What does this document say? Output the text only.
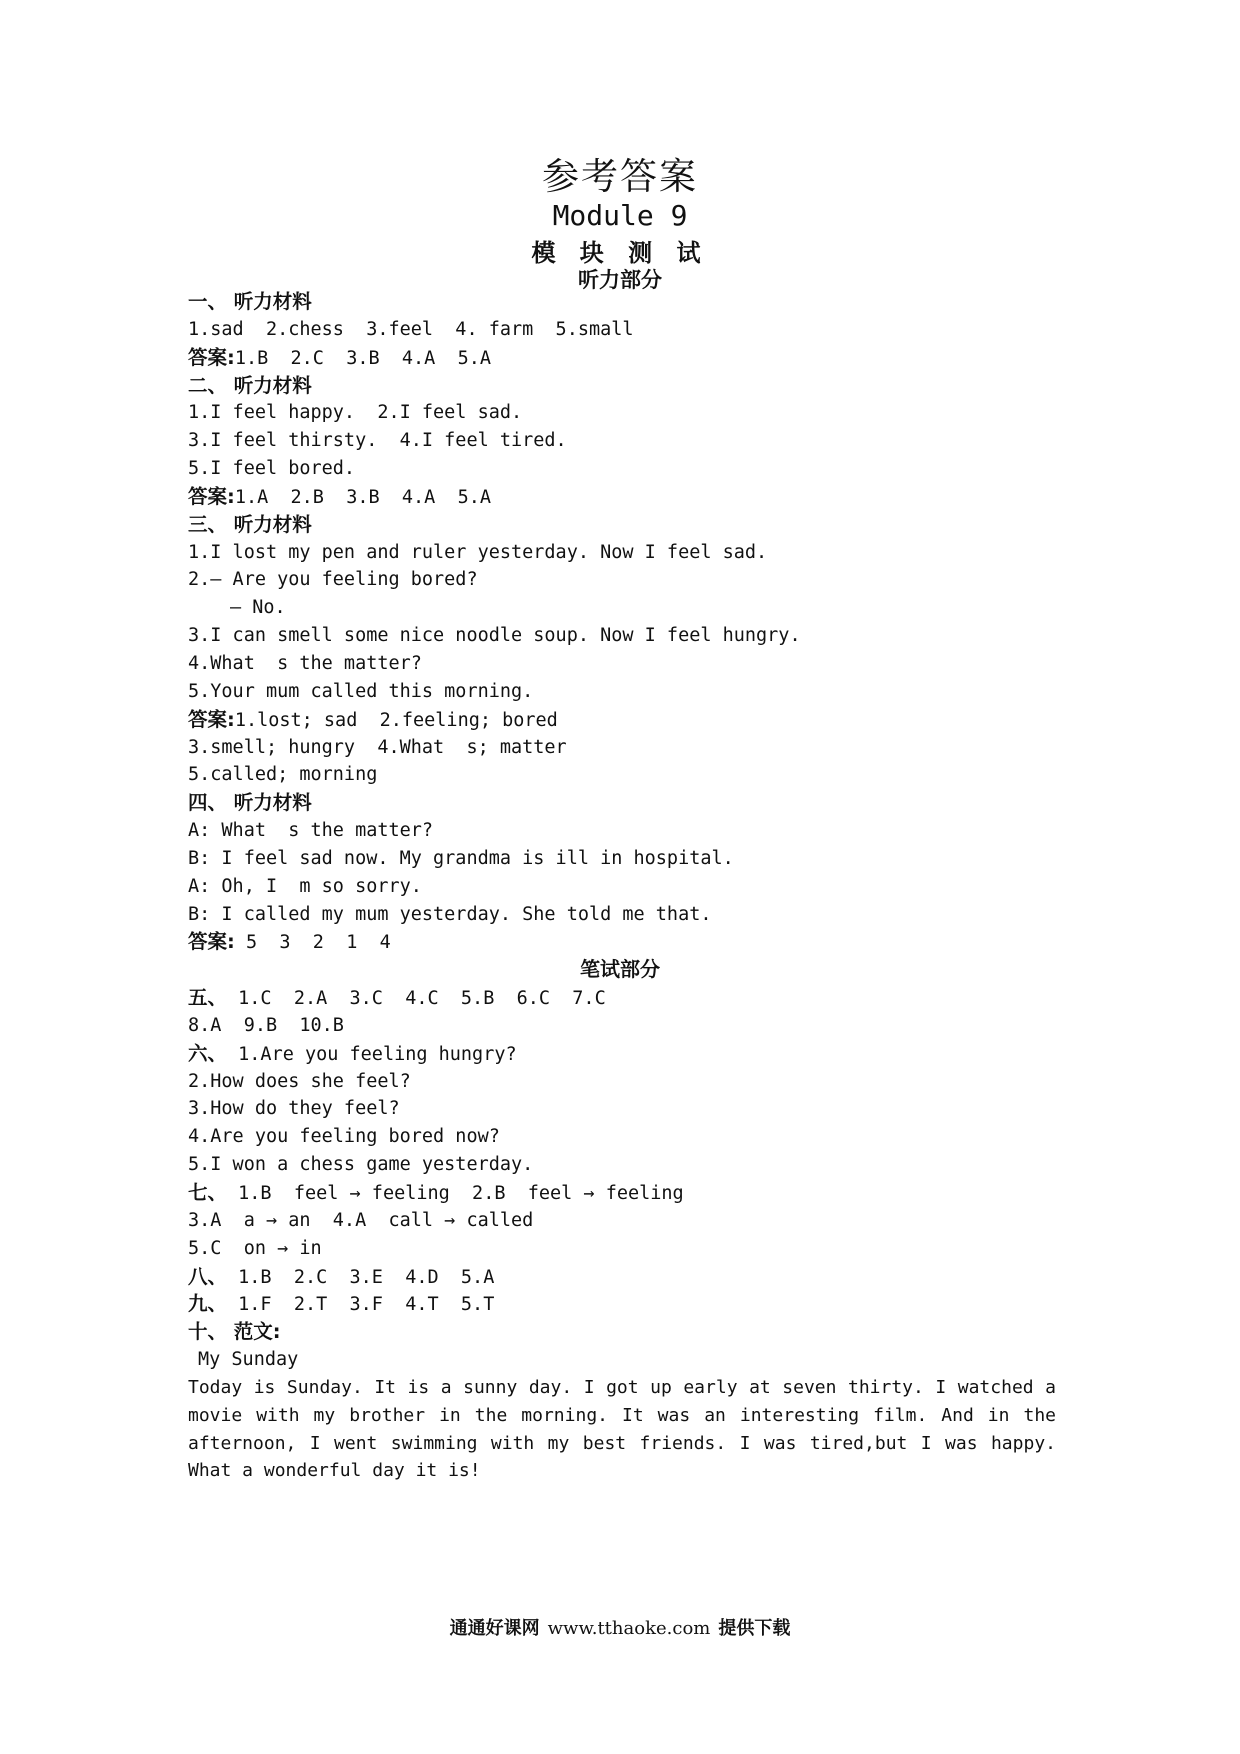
参考答案
Module 9
模 块 测 试
听力部分
一、 听力材料
1.sad  2.chess  3.feel  4. farm  5.small
答案:1.B  2.C  3.B  4.A  5.A
二、 听力材料
1.I feel happy.  2.I feel sad.
3.I feel thirsty.  4.I feel tired.
5.I feel bored.
答案:1.A  2.B  3.B  4.A  5.A
三、 听力材料
1.I lost my pen and ruler yesterday. Now I feel sad.
2.— Are you feeling bored?
— No.
3.I can smell some nice noodle soup. Now I feel hungry.
4.What  s the matter?
5.Your mum called this morning.
答案:1.lost; sad  2.feeling; bored
3.smell; hungry  4.What  s; matter
5.called; morning
四、 听力材料
A: What  s the matter?
B: I feel sad now. My grandma is ill in hospital.
A: Oh, I  m so sorry.
B: I called my mum yesterday. She told me that.
答案: 5  3  2  1  4
笔试部分
五、 1.C  2.A  3.C  4.C  5.B  6.C  7.C
8.A  9.B  10.B
六、 1.Are you feeling hungry?
2.How does she feel?
3.How do they feel?
4.Are you feeling bored now?
5.I won a chess game yesterday.
七、 1.B  feel → feeling  2.B  feel → feeling
3.A  a → an  4.A  call → called
5.C  on → in
八、 1.B  2.C  3.E  4.D  5.A
九、 1.F  2.T  3.F  4.T  5.T
十、 范文:
My Sunday
Today is Sunday. It is a sunny day. I got up early at seven thirty. I watched a movie with my brother in the morning. It was an interesting film. And in the afternoon, I went swimming with my best friends. I was tired,but I was happy. What a wonderful day it is!
通通好课网 www.tthaoke.com 提供下载
